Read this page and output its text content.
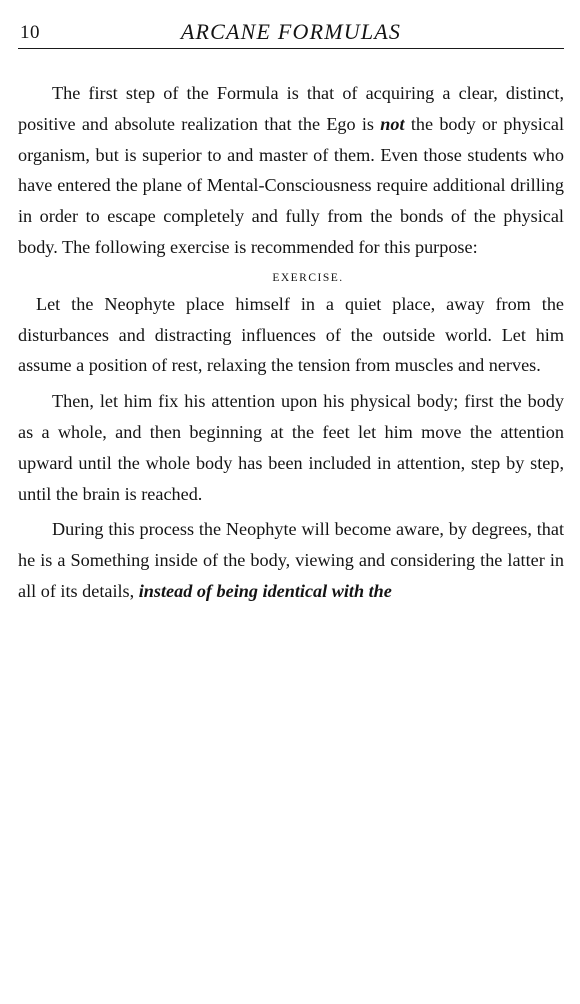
10	ARCANE FORMULAS

The first step of the Formula is that of acquiring a clear, distinct, positive and absolute realization that the Ego is not the body or physical organism, but is superior to and master of them. Even those students who have entered the plane of Mental-Consciousness require additional drilling in order to escape completely and fully from the bonds of the physical body. The following exercise is recommended for this purpose:

EXERCISE.

Let the Neophyte place himself in a quiet place, away from the disturbances and distracting influences of the outside world. Let him assume a position of rest, relaxing the tension from muscles and nerves.

Then, let him fix his attention upon his physical body; first the body as a whole, and then beginning at the feet let him move the attention upward until the whole body has been included in attention, step by step, until the brain is reached.

During this process the Neophyte will become aware, by degrees, that he is a Something inside of the body, viewing and considering the latter in all of its details, instead of being identical with the
